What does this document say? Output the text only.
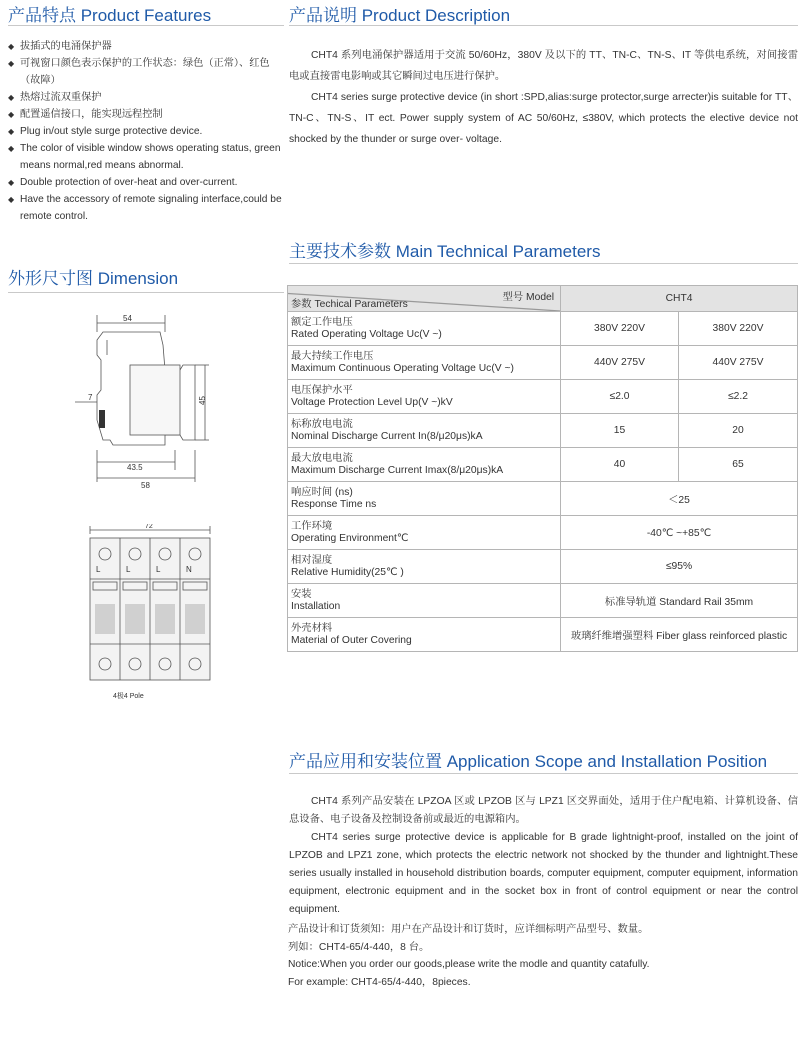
产品特点 Product Features
◆ 拔插式的电涌保护器
◆ 可视窗口颜色表示保护的工作状态：绿色（正常）、红色（故障）
◆ 热熔过流双重保护
◆ 配置遥信接口，能实现远程控制
◆ Plug in/out style surge protective device.
◆ The color of visible window shows operating status, green means normal,red means abnormal.
◆ Double protection of over-heat and over-current.
◆ Have the accessory of remote signaling interface,could be remote control.
产品说明 Product Description

CHT4 系列电涌保护器适用于交流 50/60Hz，380V 及以下的 TT、TN-C、TN-S、IT 等供电系统，对间接雷电或直接雷电影响或其它瞬间过电压进行保护。

CHT4 series surge protective device (in short :SPD,alias:surge protector,surge arrecter)is suitable for TT、TN-C、TN-S、IT ect. Power supply system of AC 50/60Hz, ≤380V, which protects the elective device not shocked by the thunder or surge over- voltage.

外形尺寸图 Dimension
54
7	45
43.5
58
72
L	L	L	N
4极4 Pole
主要技术参数 Main Technical Parameters
型号 Model
参数 Techical Parameters	CHT4	

额定工作电压
Rated Operating Voltage Uc(V ~)	380V 220V	380V 220V

最大持续工作电压
Maximum Continuous Operating Voltage Uc(V ~)	440V 275V	440V 275V

电压保护水平
Voltage Protection Level Up(V ~)kV	≤2.0	≤2.2

标称放电电流
Nominal Discharge Current In(8/μ20μs)kA	15	20

最大放电电流
Maximum Discharge Current Imax(8/μ20μs)kA	40	65

响应时间 (ns)
Response Time ns	＜25	

工作环境
Operating Environment℃	-40℃ ~+85℃	

相对湿度
Relative Humidity(25℃ )	≤95%	

安装
Installation	标准导轨道 Standard Rail 35mm	

外壳材料
Material of Outer Covering	玻璃纤维增强塑料 Fiber glass reinforced plastic	
产品应用和安装位置 Application Scope and Installation Position

CHT4 系列产品安装在 LPZOA 区或 LPZOB 区与 LPZ1 区交界面处，适用于住户配电箱、计算机设备、信息设备、电子设备及控制设备前或最近的电源箱内。

CHT4 series surge protective device is applicable for B grade lightnight-proof, installed on the joint of LPZOB and LPZ1 zone, which protects the electric network not shocked by the thunder and lightnight.These series usually installed in household distribution boards, computer equipment, computer equipment, information equipment, electronic equipment and in the socket box in front of control equipment or near the control equipment.

产品设计和订货须知：用户在产品设计和订货时，应详细标明产品型号、数量。
列如：CHT4-65/4-440，8 台。
Notice:When you order our goods,please write the modle and quantity catafully.
For example: CHT4-65/4-440，8pieces.
